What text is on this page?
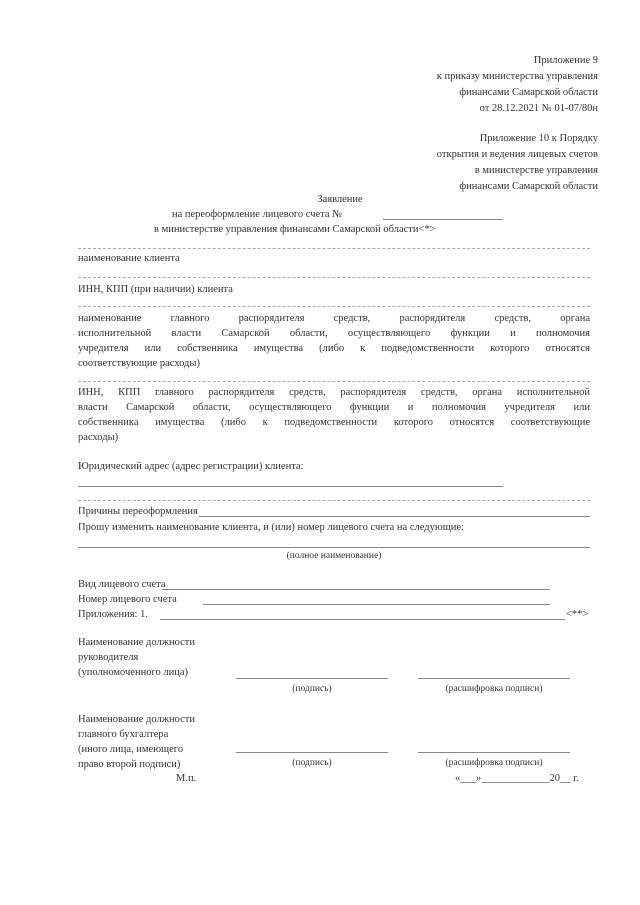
Приложение 9
к приказу министерства управления
финансами Самарской области
от 28.12.2021 № 01-07/80н
Приложение 10 к Порядку
открытия и ведения лицевых счетов
в министерстве управления
финансами Самарской области
Заявление
на переоформление лицевого счета №
в министерстве управления финансами Самарской области<*>
наименование клиента
ИНН, КПП (при наличии) клиента
наименование главного распорядителя средств, распорядителя средств, органа
исполнительной власти Самарской области, осуществляющего функции и полномочия
учредителя или собственника имущества (либо к подведомственности которого относятся
соответствующие расходы)
ИНН, КПП главного распорядителя средств, распорядителя средств, органа исполнительной
власти Самарской области, осуществляющего функции и полномочия учредителя или
собственника имущества (либо к подведомственности которого относятся соответствующие
расходы)
Юридический адрес (адрес регистрации) клиента:
Причины переоформления
Прошу изменить наименование клиента, и (или) номер лицевого счета на следующие:
(полное наименование)
Вид лицевого счета
Номер лицевого счета
Приложения: 1.	<**>
Наименование должности
руководителя
(уполномоченного лица)
(подпись)	(расшифровка подписи)
Наименование должности
главного бухгалтера
(иного лица, имеющего
право второй подписи)	(подпись)	(расшифровка подписи)
М.п.	«___»_____________20__ г.
